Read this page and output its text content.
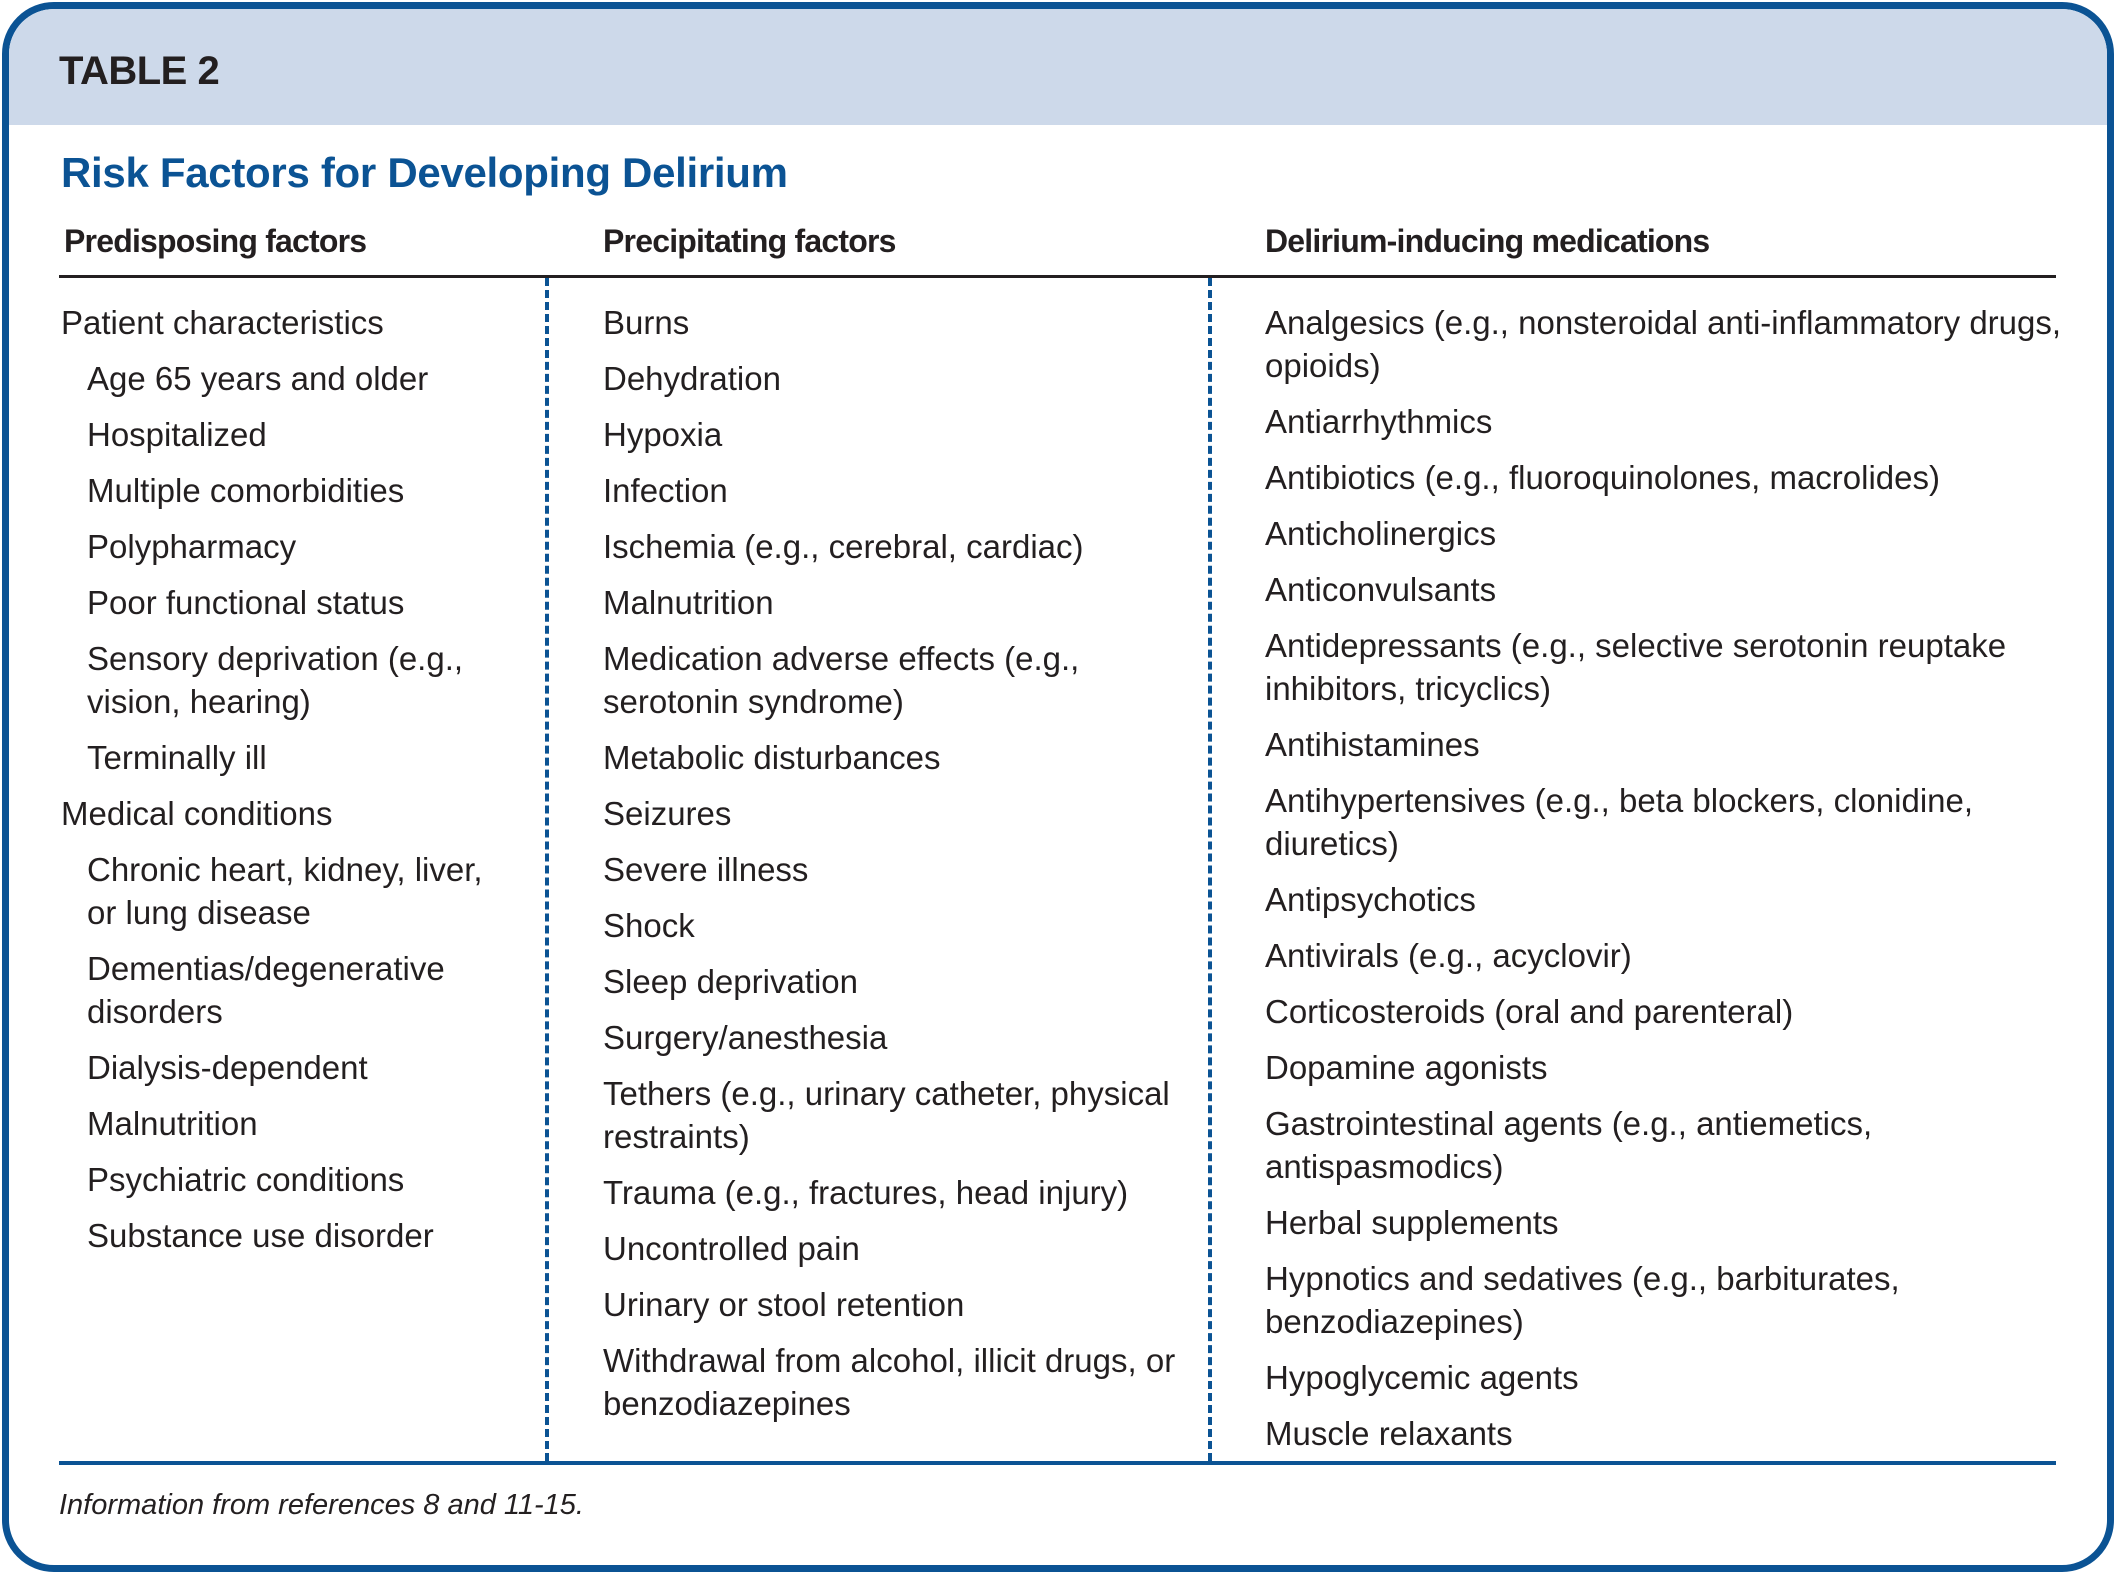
TABLE 2
Risk Factors for Developing Delirium
Predisposing factors	Precipitating factors	Delirium-inducing medications
Patient characteristics
Age 65 years and older
Hospitalized
Multiple comorbidities
Polypharmacy
Poor functional status
Sensory deprivation (e.g., vision, hearing)
Terminally ill
Medical conditions
Chronic heart, kidney, liver, or lung disease
Dementias/degenerative disorders
Dialysis-dependent
Malnutrition
Psychiatric conditions
Substance use disorder
Burns
Dehydration
Hypoxia
Infection
Ischemia (e.g., cerebral, cardiac)
Malnutrition
Medication adverse effects (e.g., serotonin syndrome)
Metabolic disturbances
Seizures
Severe illness
Shock
Sleep deprivation
Surgery/anesthesia
Tethers (e.g., urinary catheter, physical restraints)
Trauma (e.g., fractures, head injury)
Uncontrolled pain
Urinary or stool retention
Withdrawal from alcohol, illicit drugs, or benzodiazepines
Analgesics (e.g., nonsteroidal anti-inflammatory drugs, opioids)
Antiarrhythmics
Antibiotics (e.g., fluoroquinolones, macrolides)
Anticholinergics
Anticonvulsants
Antidepressants (e.g., selective serotonin reuptake inhibitors, tricyclics)
Antihistamines
Antihypertensives (e.g., beta blockers, clonidine, diuretics)
Antipsychotics
Antivirals (e.g., acyclovir)
Corticosteroids (oral and parenteral)
Dopamine agonists
Gastrointestinal agents (e.g., antiemetics, antispasmodics)
Herbal supplements
Hypnotics and sedatives (e.g., barbiturates, benzodiazepines)
Hypoglycemic agents
Muscle relaxants
Information from references 8 and 11-15.
